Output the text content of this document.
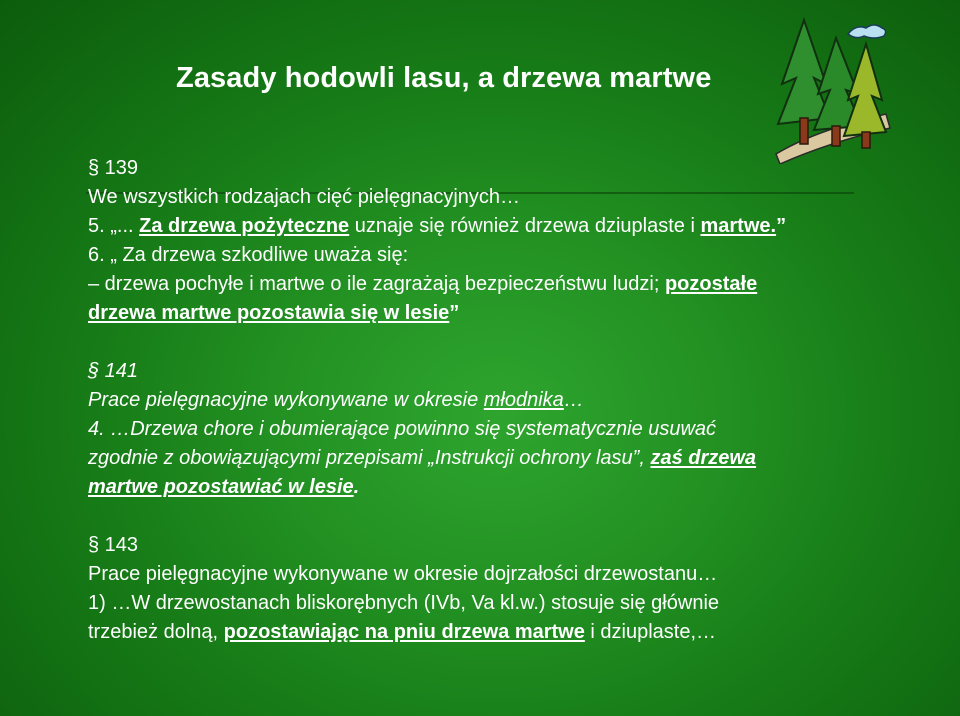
Zasady hodowli lasu, a drzewa martwe
§ 139
We wszystkich rodzajach cięć pielęgnacyjnych…
5. „... Za drzewa pożyteczne uznaje się również drzewa dziuplaste i martwe.”
6. „ Za drzewa szkodliwe uważa się:
– drzewa pochyłe i martwe o ile zagrażają bezpieczeństwu ludzi; pozostałe
drzewa martwe pozostawia się w lesie”
§ 141
Prace pielęgnacyjne wykonywane w okresie młodnika…
4. …Drzewa chore i obumierające powinno się systematycznie usuwać
zgodnie z obowiązującymi przepisami „Instrukcji ochrony lasu”, zaś drzewa
martwe pozostawiać w lesie.
§ 143
Prace pielęgnacyjne wykonywane w okresie dojrzałości drzewostanu…
1) …W drzewostanach bliskorębnych (IVb, Va kl.w.) stosuje się głównie
trzebież dolną, pozostawiając na pniu drzewa martwe i dziuplaste,…
